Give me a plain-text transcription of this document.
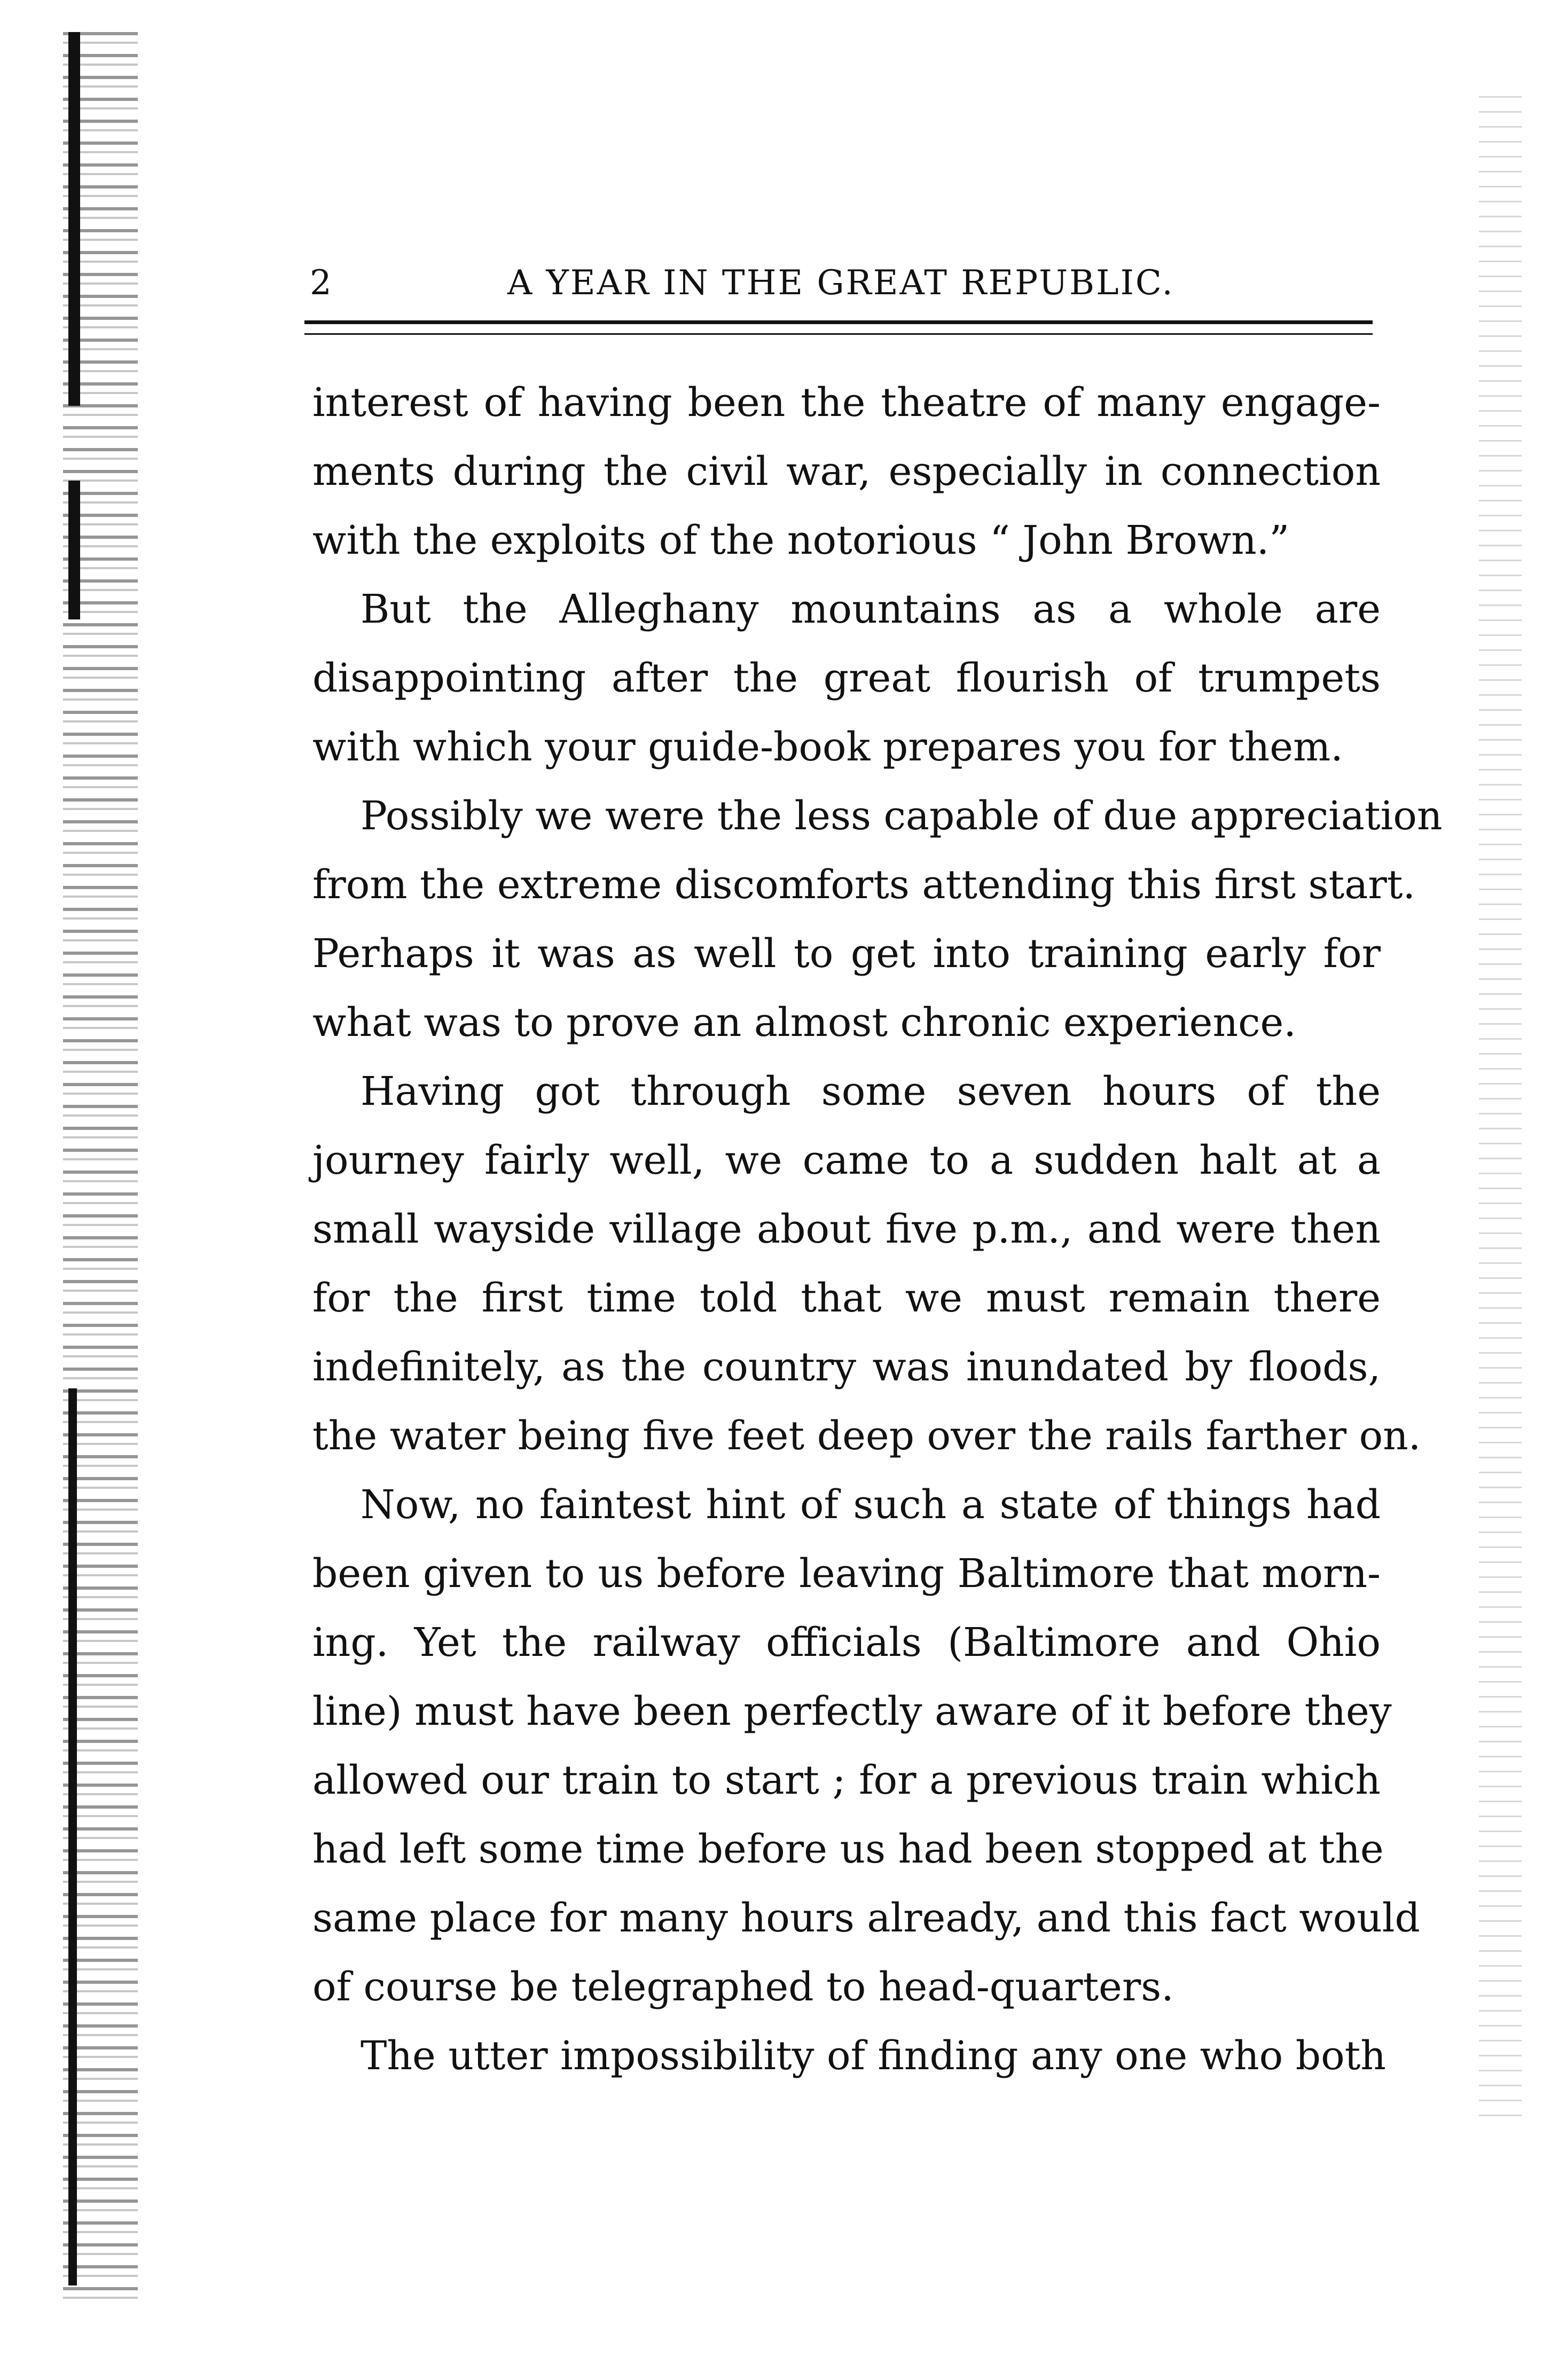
2	A YEAR IN THE GREAT REPUBLIC.
interest of having been the theatre of many engage-
ments during the civil war, especially in connection
with the exploits of the notorious “ John Brown.”
But the Alleghany mountains as a whole are
disappointing after the great flourish of trumpets
with which your guide-book prepares you for them.
Possibly we were the less capable of due appreciation
from the extreme discomforts attending this first start.
Perhaps it was as well to get into training early for
what was to prove an almost chronic experience.
Having got through some seven hours of the
journey fairly well, we came to a sudden halt at a
small wayside village about five p.m., and were then
for the first time told that we must remain there
indefinitely, as the country was inundated by floods,
the water being five feet deep over the rails farther on.
Now, no faintest hint of such a state of things had
been given to us before leaving Baltimore that morn-
ing. Yet the railway officials (Baltimore and Ohio
line) must have been perfectly aware of it before they
allowed our train to start ; for a previous train which
had left some time before us had been stopped at the
same place for many hours already, and this fact would
of course be telegraphed to head-quarters.
The utter impossibility of finding any one who both
